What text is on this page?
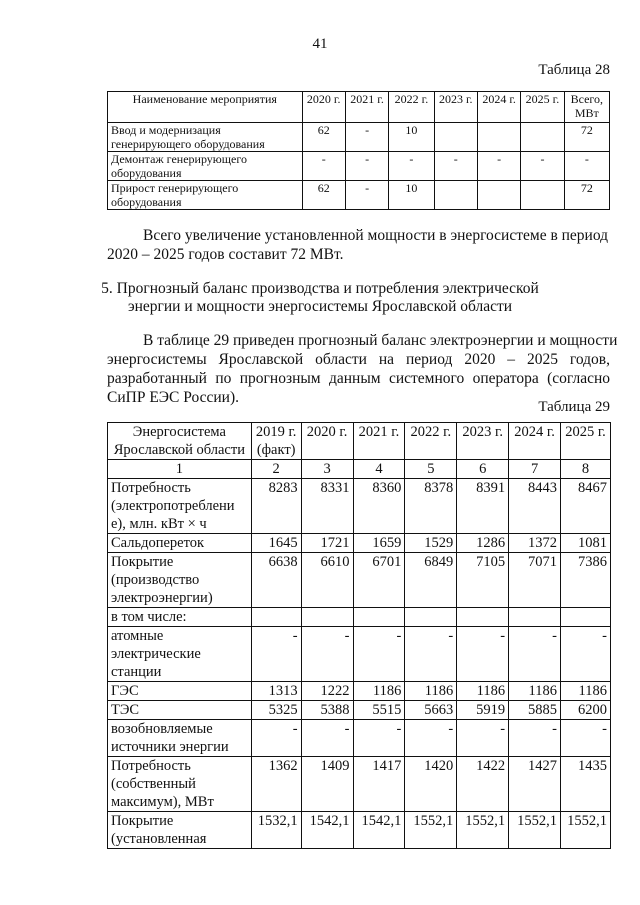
41
Таблица 28
Наименование мероприятия	2020 г.	2021 г.	2022 г.	2023 г.	2024 г.	2025 г.	Всего, МВт
Ввод и модернизация генерирующего оборудования	62	-	10				72
Демонтаж генерирующего оборудования	-	-	-	-	-	-	-
Прирост генерирующего оборудования	62	-	10				72
Всего увеличение установленной мощности в энергосистеме в период
2020 – 2025 годов составит 72 МВт.
5. Прогнозный баланс производства и потребления электрической
энергии и мощности энергосистемы Ярославской области
В таблице 29 приведен прогнозный баланс электроэнергии и мощности
энергосистемы Ярославской области на период 2020 – 2025 годов,
разработанный по прогнозным данным системного оператора (согласно
СиПР ЕЭС России).
Таблица 29
Энергосистема Ярославской области	2019 г. (факт)	2020 г.	2021 г.	2022 г.	2023 г.	2024 г.	2025 г.
1	2	3	4	5	6	7	8
Потребность (электропотреблени е), млн. кВт × ч	8283	8331	8360	8378	8391	8443	8467
Сальдопереток	1645	1721	1659	1529	1286	1372	1081
Покрытие (производство электроэнергии)	6638	6610	6701	6849	7105	7071	7386
в том числе:							
атомные электрические станции	-	-	-	-	-	-	-
ГЭС	1313	1222	1186	1186	1186	1186	1186
ТЭС	5325	5388	5515	5663	5919	5885	6200
возобновляемые источники энергии	-	-	-	-	-	-	-
Потребность (собственный максимум), МВт	1362	1409	1417	1420	1422	1427	1435
Покрытие (установленная	1532,1	1542,1	1542,1	1552,1	1552,1	1552,1	1552,1
